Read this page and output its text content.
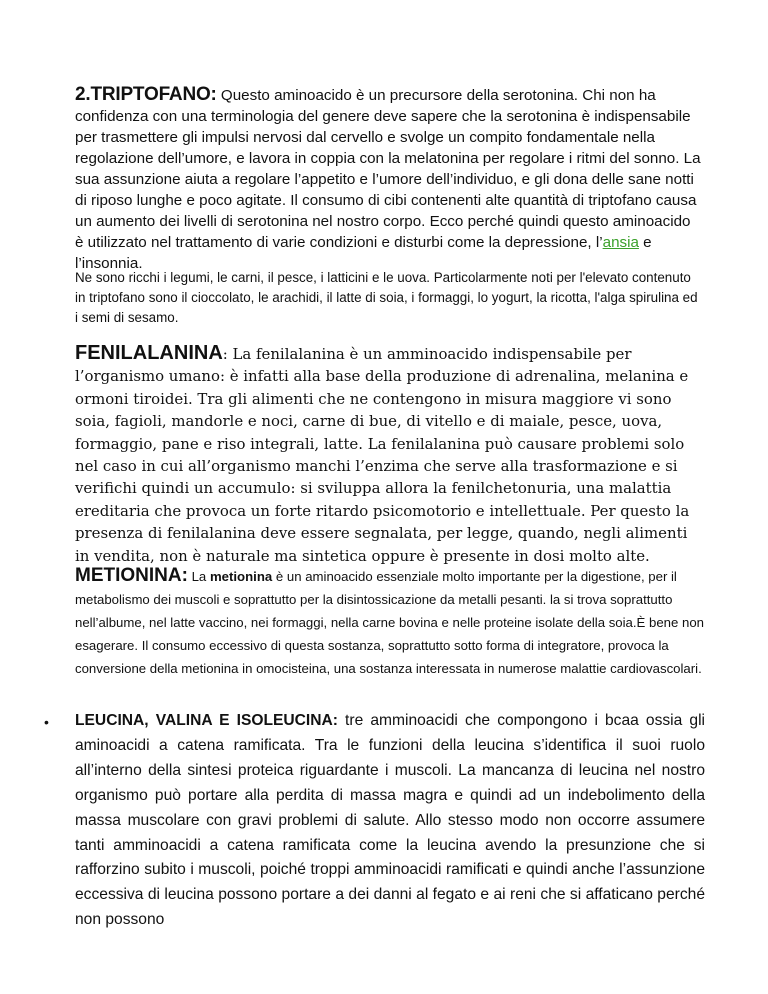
2.TRIPTOFANO: Questo aminoacido è un precursore della serotonina. Chi non ha confidenza con una terminologia del genere deve sapere che la serotonina è indispensabile per trasmettere gli impulsi nervosi dal cervello e svolge un compito fondamentale nella regolazione dell’umore, e lavora in coppia con la melatonina per regolare i ritmi del sonno. La sua assunzione aiuta a regolare l’appetito e l’umore dell’individuo, e gli dona delle sane notti di riposo lunghe e poco agitate. Il consumo di cibi contenenti alte quantità di triptofano causa un aumento dei livelli di serotonina nel nostro corpo. Ecco perché quindi questo aminoacido è utilizzato nel trattamento di varie condizioni e disturbi come la depressione, l’ansia e l’insonnia.

Ne sono ricchi i legumi, le carni, il pesce, i latticini e le uova. Particolarmente noti per l'elevato contenuto in triptofano sono il cioccolato, le arachidi, il latte di soia, i formaggi, lo yogurt, la ricotta, l'alga spirulina ed i semi di sesamo.

FENILALANINA: La fenilalanina è un amminoacido indispensabile per l’organismo umano: è infatti alla base della produzione di adrenalina, melanina e ormoni tiroidei. Tra gli alimenti che ne contengono in misura maggiore vi sono soia, fagioli, mandorle e noci, carne di bue, di vitello e di maiale, pesce, uova, formaggio, pane e riso integrali, latte. La fenilalanina può causare problemi solo nel caso in cui all’organismo manchi l’enzima che serve alla trasformazione e si verifichi quindi un accumulo: si sviluppa allora la fenilchetonuria, una malattia ereditaria che provoca un forte ritardo psicomotorio e intellettuale. Per questo la presenza di fenilalanina deve essere segnalata, per legge, quando, negli alimenti in vendita, non è naturale ma sintetica oppure è presente in dosi molto alte.

METIONINA: La metionina è un aminoacido essenziale molto importante per la digestione, per il metabolismo dei muscoli e soprattutto per la disintossicazione da metalli pesanti. la si trova soprattutto nell’albume, nel latte vaccino, nei formaggi, nella carne bovina e nelle proteine isolate della soia.È bene non esagerare. Il consumo eccessivo di questa sostanza, soprattutto sotto forma di integratore, provoca la conversione della metionina in omocisteina, una sostanza interessata in numerose malattie cardiovascolari.

• LEUCINA, VALINA E ISOLEUCINA: tre amminoacidi che compongono i bcaa ossia gli aminoacidi a catena ramificata. Tra le funzioni della leucina s’identifica il suoi ruolo all’interno della sintesi proteica riguardante i muscoli. La mancanza di leucina nel nostro organismo può portare alla perdita di massa magra e quindi ad un indebolimento della massa muscolare con gravi problemi di salute. Allo stesso modo non occorre assumere tanti amminoacidi a catena ramificata come la leucina avendo la presunzione che si rafforzino subito i muscoli, poiché troppi amminoacidi ramificati e quindi anche l’assunzione eccessiva di leucina possono portare a dei danni al fegato e ai reni che si affaticano perché non possono
